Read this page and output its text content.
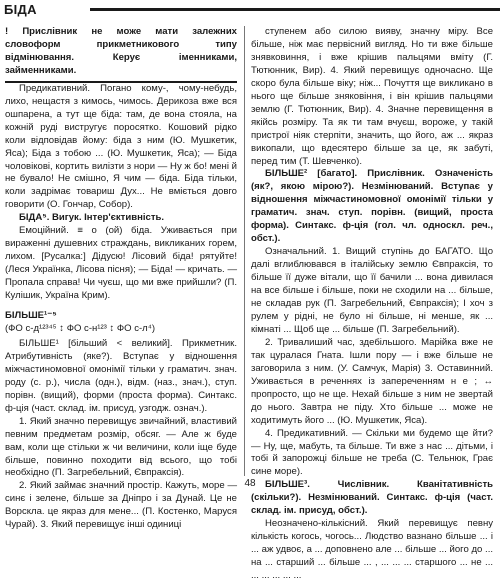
БІДА

! Прислівник не може мати залежних словоформ прикметникового типу відмінювання. Керує іменниками, займенниками.

Предикативний. Погано кому-, чому-небудь, лихо, нещастя з кимось, чимось. Дерикоза вже вся ошпарена, а тут ще біда: там, де вона стояла, на кожній руді вистругує поросятко. Кошовий рідко коли відповідав йому: біда з ним (Ю. Мушкетик, Яса); Біда з тобою ... (Ю. Мушкетик, Яса); — Біда чоловікові, кортить вилізти з нори — Ну ж бо! мені й не бувало! Не смішно, Я чим — біда. Біда тільки, коли задрімає товариш Дух... Не вміється довго говорити (О. Гончар, Собор).

БІДА⁵. Вигук. Інтер'єктивність.

Емоційний. ≡ о (ой) біда. Уживається при вираженні душевних страждань, викликаних горем, лихом. [Русалка:] Дідусю! Лісовий біда! рятуйте! (Леся Українка, Лісова пісня); — Біда! — кричать. — Пропала справа! Чи чуєш, що ми вже прийшли? (П. Кулішик, Україна Крим).

БІЛЬШЕ¹⁻⁵

(ФО с-д¹²³⁴⁵ ↕ ФО с-н¹²³ ↕ ФО с-л⁴)

БІЛЬШЕ¹ [більший < великий]. Прикметник. Атрибутивність (яке?). Вступає у відношення міжчастиномовної омонімії тільки у граматич. знач. роду (с. р.), числа (одн.), відм. (наз., знач.), ступ. порівн. (вищий), форми (проста форма). Синтакс. ф-ція (част. склад. ім. присуд, узгодж. означ.).

1. Який значно перевищує звичайний, властивий певним предметам розмір, обсяг. — Але ж буде вам, коли ще стільки ж чи величини, коли іще буде більше, повинно походити від всього, що тобі необхідно (П. Загребельний, Євпраксія).

2. Який займає значний простір. Кажуть, море — синє і зелене, більше за Дніпро і за Дунай. Це не Ворскла. це якраз для мене... (П. Костенко, Маруся Чурай). 3. Який перевищує інші одиниці

ступенем або силою вияву, значну міру. Все більше, ніж має первісний вигляд. Но ти вже більше знявковиння, і вже крішив пальцями вміту (Г. Тютюнник, Вир). 4. Який перевищує одночасно. Ще скоро була більше віку; ніж... Почуття ще викликано в нього ще більше зняковіння, і він крішив пальцями землю (Г. Тютюнник, Вир). 4. Значне перевищення в якійсь розміру. Та як ти там вчуєш, вороже, у такій пристрої ніяк стерпіти, значить, що його, аж ... якраз викопали, що вдесятеро більше за це, як забуті, перед тим (Т. Шевченко).

БІЛЬШЕ² [багато]. Прислівник. Означеність (як?, якою мірою?). Незмінюваний. Вступає у відношення міжчастиномовної омонімії тільки у граматич. знач. ступ. порівн. (вищий, проста форма). Синтакс. ф-ція (гол. чл. односкл. реч., обст.).

Означальний. 1. Вищий ступінь до БАГАТО. Що далі вглиблювався в італійську землю Євпраксія, то більше її дуже вітали, що її бачили ... вона дивилася на все більше і більше, поки не сходили на ... більше, не складав рук (П. Загребельний, Євпраксія); І хоч з рулем у рідні, не було ні більше, ні менше, як ... кімнаті ... Щоб ще ... більше (П. Загребельний).

2. Тривалиший час, здебільшого. Марійка вже не так цуралася Гната. Ішли пору — і вже більше не заговорила з ним. (У. Самчук, Марія) 3. Оставинний. Уживається в реченнях із запереченням н е ; ↔ пропросто, що не ще. Нехай більше з ним не звертай до нього. Завтра не піду. Хто більше ... може не ходитимуть його ... (Ю. Мушкетик, Яса).

4. Предикативний. — Скільки ми будемо ще йти? — Ну, ще, мабуть, та більше. Ти вже з нас ... дітьми, і тобі й запорожці більше не треба (С. Тельнюк, Грає сине море).

БІЛЬШЕ³. Числівник. Кванітативність (скільки?). Незмінюваний. Синтакс. ф-ція (част. склад. ім. присуд, обст.).

Неозначено-кількісний. Який перевищує певну кількість когось, чогось... Людство вазнано більше ... і ... аж удвоє, а ... доповнено але ... більше ... його до ... на ... старший ... більше ... , ... ... ... старшого ... не ... ... ... ... ... ...

48
